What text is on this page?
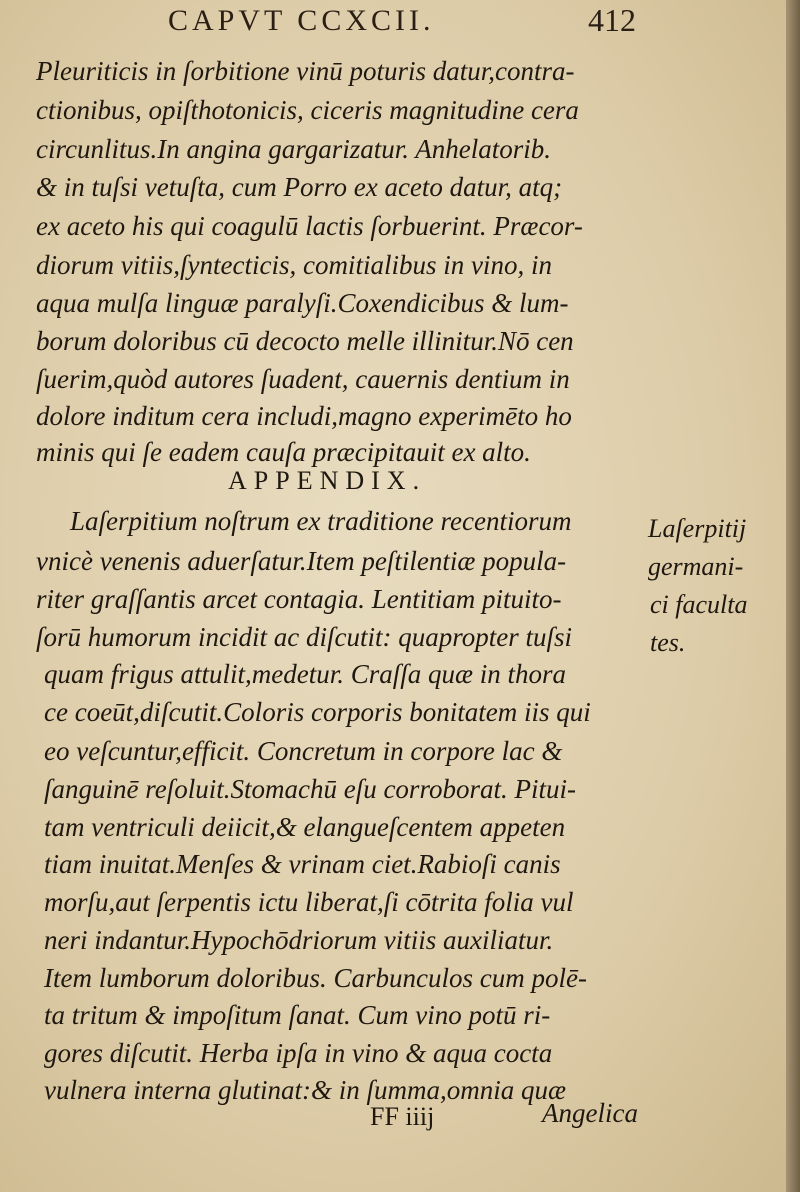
CAPVT CCXCII.	412
Pleuriticis in ſorbitione vinū poturis datur,contra-
ctionibus, opiſthotonicis, ciceris magnitudine cera
circunlitus.In angina gargarizatur. Anhelatorib.
& in tuſsi vetuſta, cum Porro ex aceto datur, atq;
ex aceto his qui coagulū lactis ſorbuerint. Præcor-
diorum vitiis,ſyntecticis, comitialibus in vino, in
aqua mulſa linguæ paralyſi.Coxendicibus & lum-
borum doloribus cū decocto melle illinitur.Nō cen
ſuerim,quòd autores ſuadent, cauernis dentium in
dolore inditum cera includi,magno experimēto ho
minis qui ſe eadem cauſa præcipitauit ex alto.
APPENDIX.
Laſerpitium noſtrum ex traditione recentiorum
vnicè venenis aduerſatur.Item peſtilentiæ popula-
riter graſſantis arcet contagia. Lentitiam pituito-
ſorū humorum incidit ac diſcutit: quapropter tuſsi
quam frigus attulit,medetur. Craſſa quæ in thora
ce coeūt,diſcutit.Coloris corporis bonitatem iis qui
eo veſcuntur,efficit. Concretum in corpore lac &
ſanguinē reſoluit.Stomachū eſu corroborat. Pitui-
tam ventriculi deiicit,& elangueſcentem appeten
tiam inuitat.Menſes & vrinam ciet.Rabioſi canis
morſu,aut ſerpentis ictu liberat,ſi cōtrita folia vul
neri indantur.Hypochōdriorum vitiis auxiliatur.
Item lumborum doloribus. Carbunculos cum polē-
ta tritum & impoſitum ſanat. Cum vino potū ri-
gores diſcutit. Herba ipſa in vino & aqua cocta
vulnera interna glutinat:& in ſumma,omnia quæ
Laſerpitij
germani-
ci faculta
tes.
FF iiij	Angelica
